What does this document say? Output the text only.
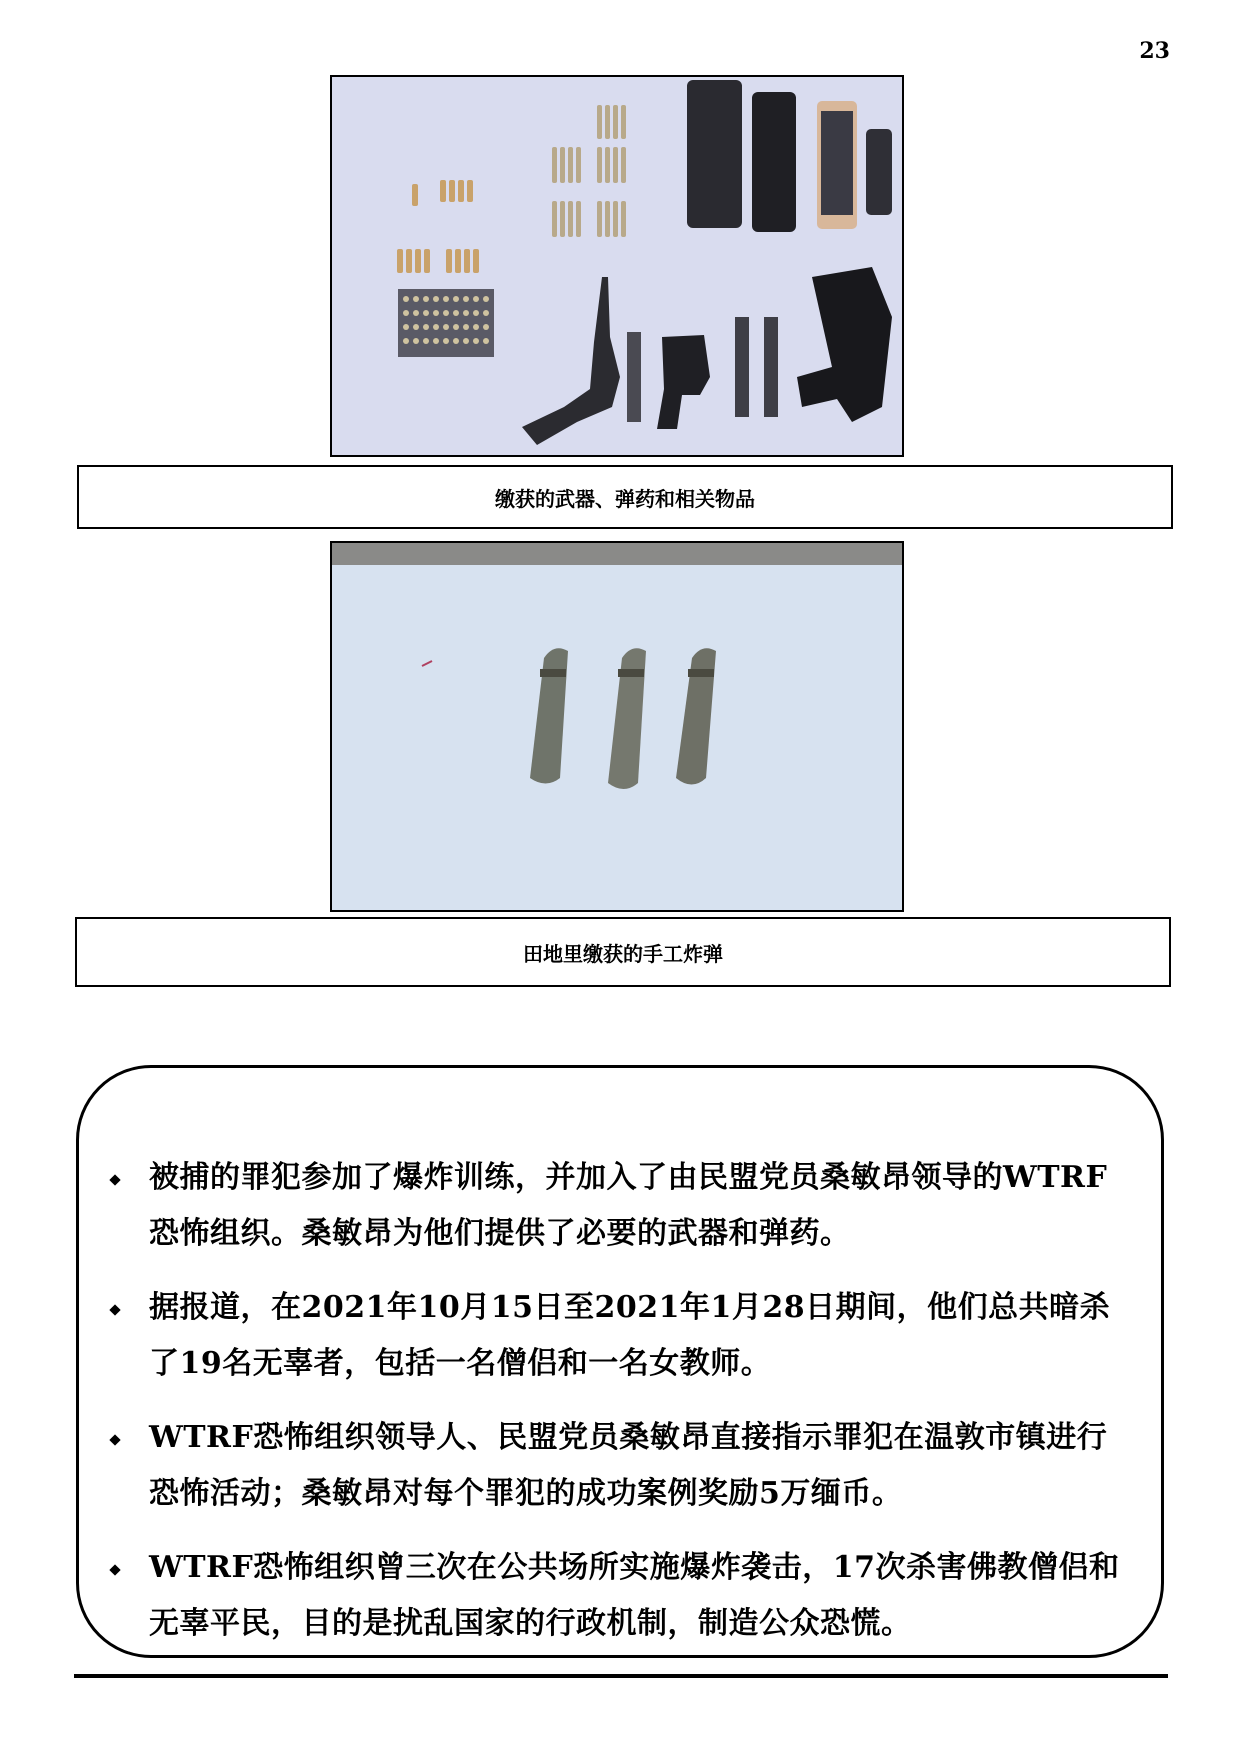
23
缴获的武器、弹药和相关物品
田地里缴获的手工炸弹
被捕的罪犯参加了爆炸训练，并加入了由民盟党员桑敏昂领导的WTRF恐怖组织。桑敏昂为他们提供了必要的武器和弹药。
据报道，在2021年10月15日至2021年1月28日期间，他们总共暗杀了19名无辜者，包括一名僧侣和一名女教师。
WTRF恐怖组织领导人、民盟党员桑敏昂直接指示罪犯在温敦市镇进行恐怖活动；桑敏昂对每个罪犯的成功案例奖励5万缅币。
WTRF恐怖组织曾三次在公共场所实施爆炸袭击，17次杀害佛教僧侣和无辜平民，目的是扰乱国家的行政机制，制造公众恐慌。
